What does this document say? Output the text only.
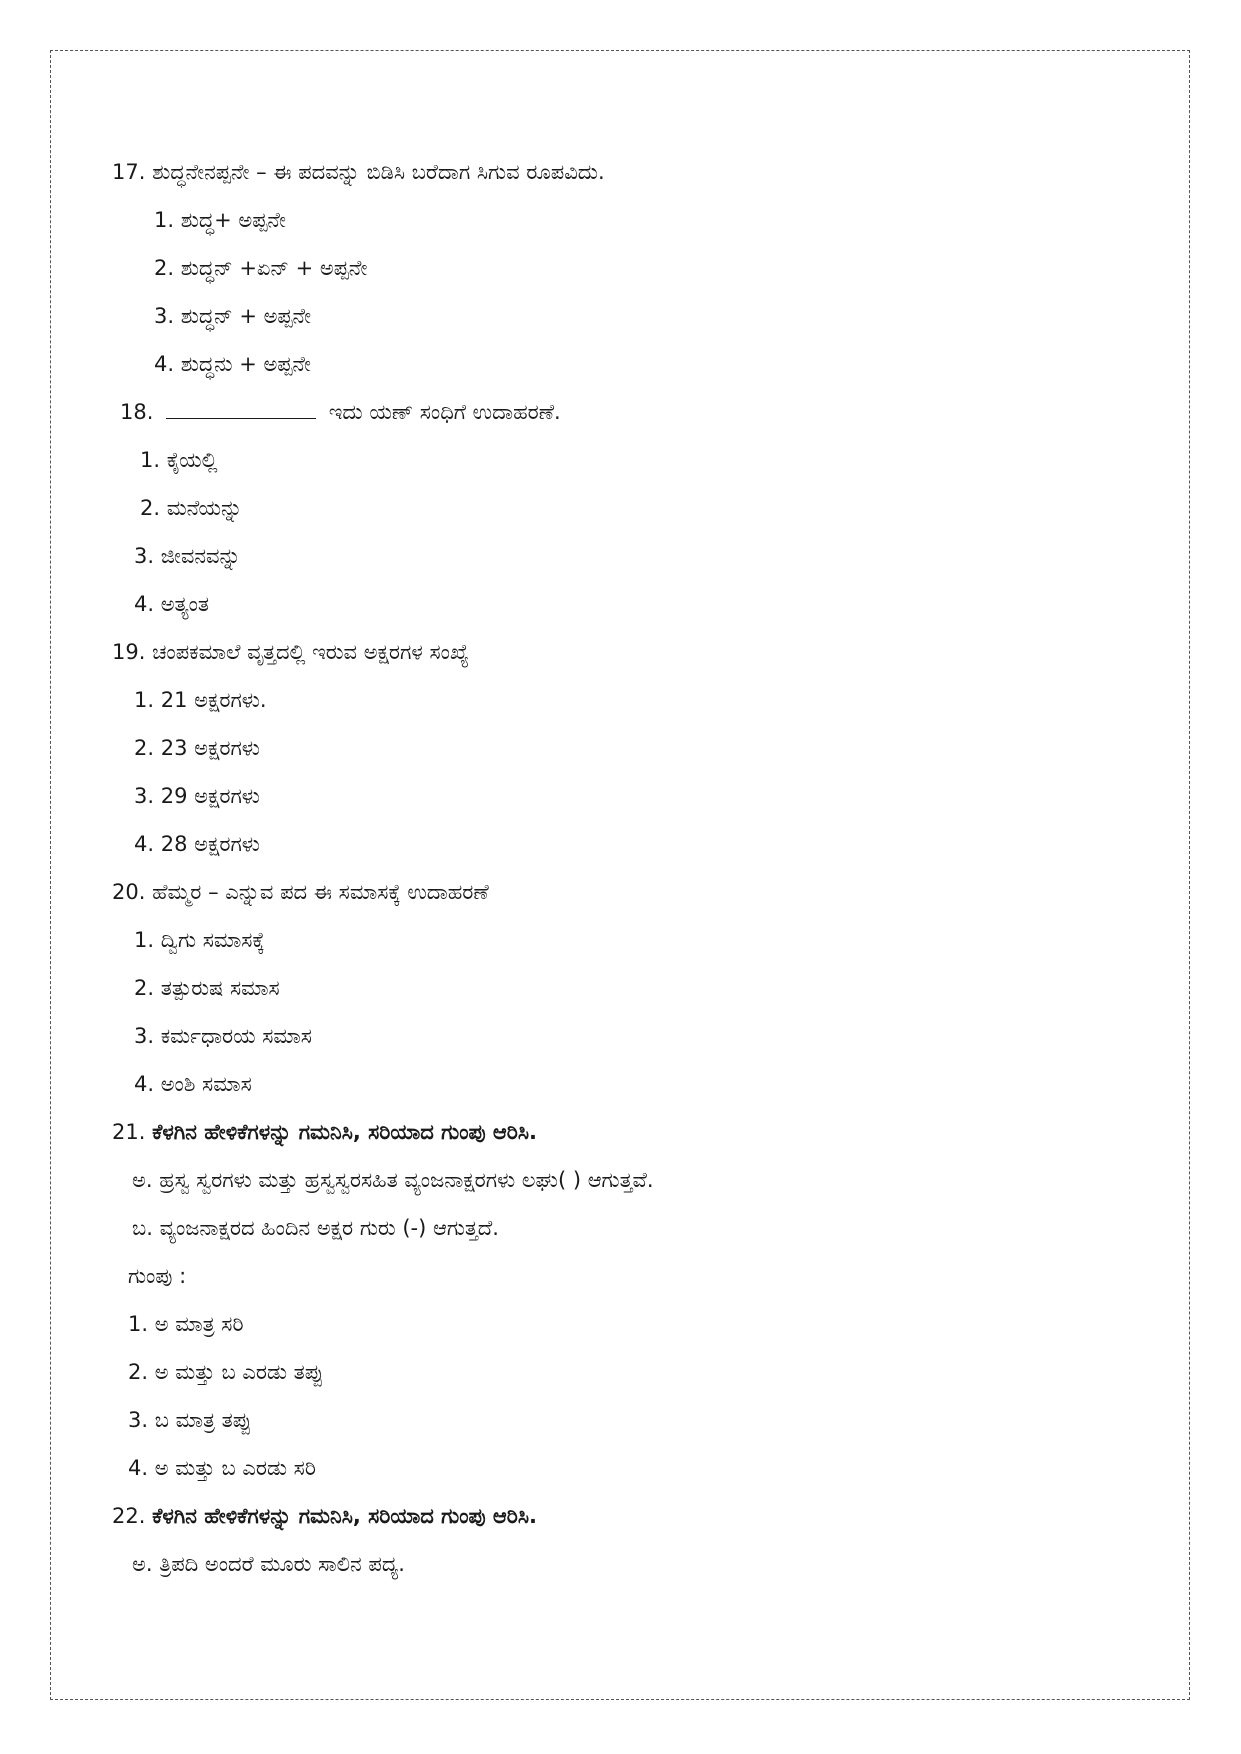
17. ಶುದ್ಧನೇನಪ್ಪನೇ – ಈ ಪದವನ್ನು ಬಿಡಿಸಿ ಬರೆದಾಗ ಸಿಗುವ ರೂಪವಿದು.
1. ಶುದ್ಧ+ ಅಪ್ಪನೇ
2. ಶುದ್ಧನ್ +ಏನ್ + ಅಪ್ಪನೇ
3. ಶುದ್ಧನ್ + ಅಪ್ಪನೇ
4. ಶುದ್ಧನು + ಅಪ್ಪನೇ
18.	ಇದು ಯಣ್ ಸಂಧಿಗೆ ಉದಾಹರಣೆ.
1. ಕೈಯಲ್ಲಿ
2. ಮನೆಯನ್ನು
3. ಜೀವನವನ್ನು
4. ಅತ್ಯಂತ
19. ಚಂಪಕಮಾಲೆ ವೃತ್ತದಲ್ಲಿ ಇರುವ ಅಕ್ಷರಗಳ ಸಂಖ್ಯೆ
1. 21 ಅಕ್ಷರಗಳು.
2. 23 ಅಕ್ಷರಗಳು
3. 29 ಅಕ್ಷರಗಳು
4. 28 ಅಕ್ಷರಗಳು
20. ಹೆಮ್ಮರ – ಎನ್ನುವ ಪದ ಈ ಸಮಾಸಕ್ಕೆ ಉದಾಹರಣೆ
1. ದ್ವಿಗು ಸಮಾಸಕ್ಕೆ
2. ತತ್ಪುರುಷ ಸಮಾಸ
3. ಕರ್ಮಧಾರಯ ಸಮಾಸ
4. ಅಂಶಿ ಸಮಾಸ
21. ಕೆಳಗಿನ ಹೇಳಿಕೆಗಳನ್ನು ಗಮನಿಸಿ, ಸರಿಯಾದ ಗುಂಪು ಆರಿಸಿ.
ಅ. ಹ್ರಸ್ವ ಸ್ವರಗಳು ಮತ್ತು ಹ್ರಸ್ವಸ್ವರಸಹಿತ ವ್ಯಂಜನಾಕ್ಷರಗಳು ಲಘು( ) ಆಗುತ್ತವೆ.
ಬ. ವ್ಯಂಜನಾಕ್ಷರದ ಹಿಂದಿನ ಅಕ್ಷರ ಗುರು (-) ಆಗುತ್ತದೆ.
ಗುಂಪು :
1. ಅ ಮಾತ್ರ ಸರಿ
2. ಅ ಮತ್ತು ಬ ಎರಡು ತಪ್ಪು
3. ಬ ಮಾತ್ರ ತಪ್ಪು
4. ಅ ಮತ್ತು ಬ ಎರಡು ಸರಿ
22. ಕೆಳಗಿನ ಹೇಳಿಕೆಗಳನ್ನು ಗಮನಿಸಿ, ಸರಿಯಾದ ಗುಂಪು ಆರಿಸಿ.
ಅ. ತ್ರಿಪದಿ ಅಂದರೆ ಮೂರು ಸಾಲಿನ ಪದ್ಯ.
